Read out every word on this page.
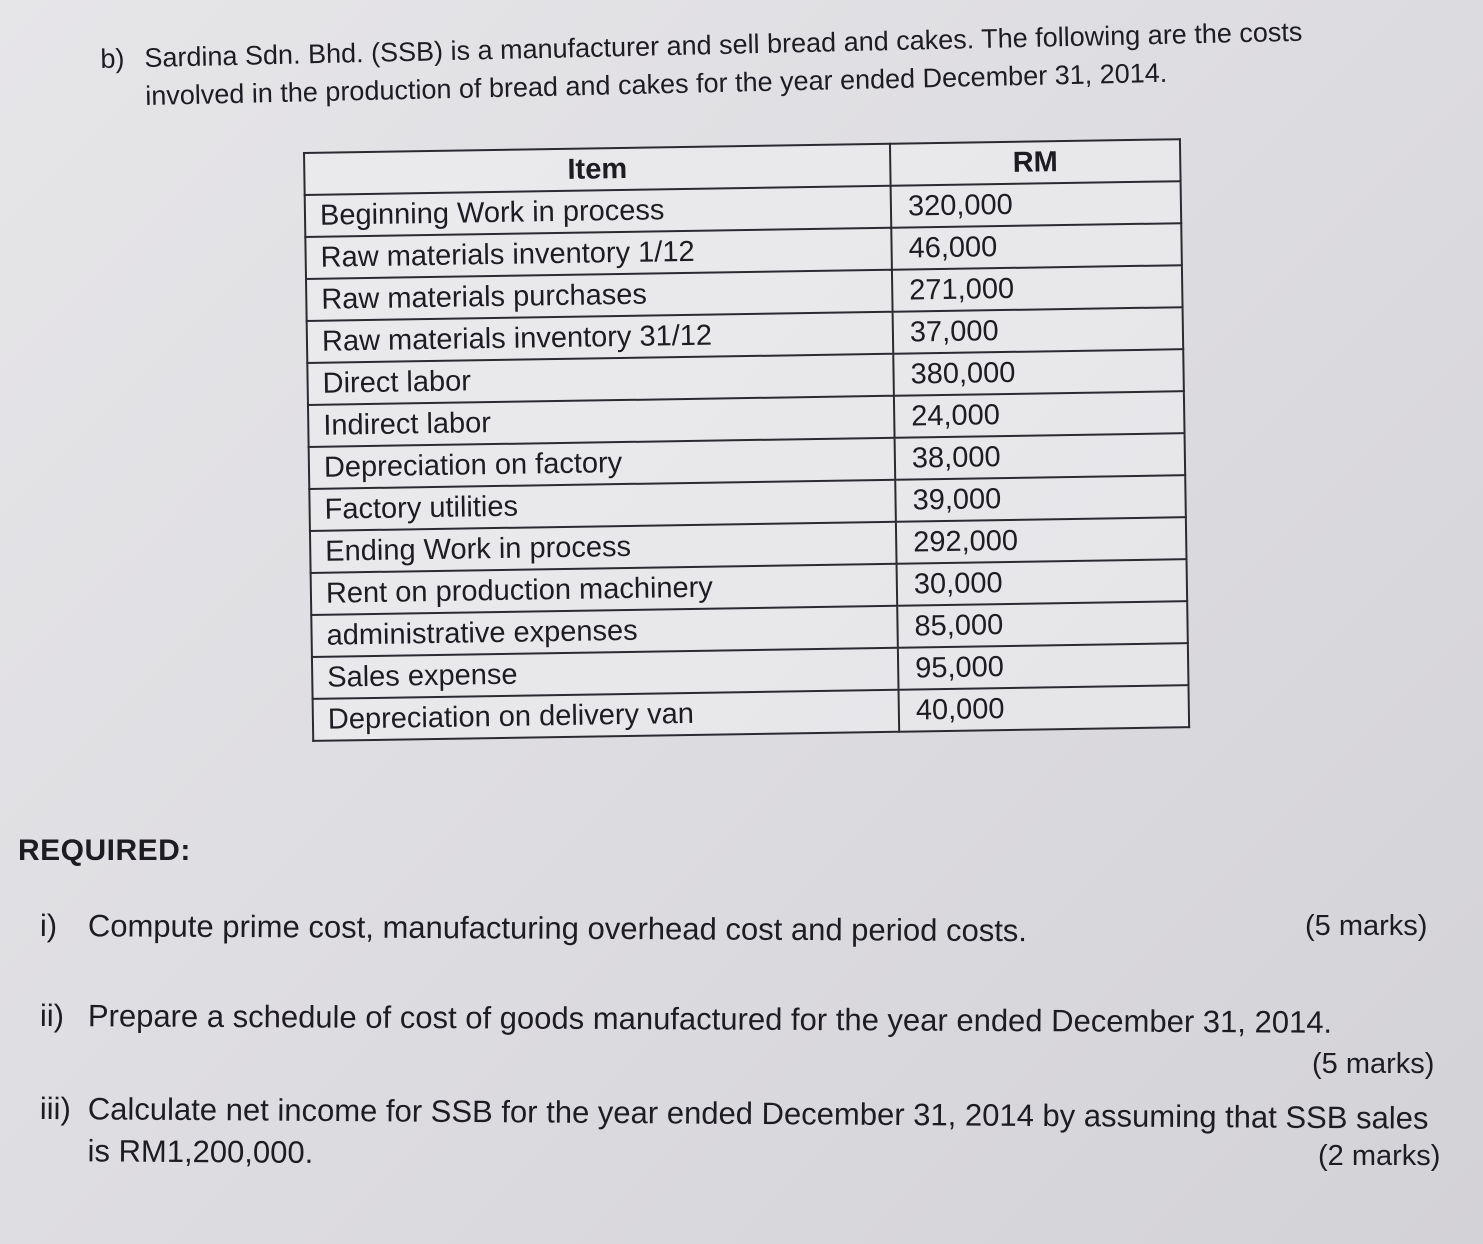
b) Sardina Sdn. Bhd. (SSB) is a manufacturer and sell bread and cakes. The following are the costs
involved in the production of bread and cakes for the year ended December 31, 2014.
Item	RM
Beginning Work in process	320,000
Raw materials inventory 1/12	46,000
Raw materials purchases	271,000
Raw materials inventory 31/12	37,000
Direct labor	380,000
Indirect labor	24,000
Depreciation on factory	38,000
Factory utilities	39,000
Ending Work in process	292,000
Rent on production machinery	30,000
administrative expenses	85,000
Sales expense	95,000
Depreciation on delivery van	40,000
REQUIRED:
i) Compute prime cost, manufacturing overhead cost and period costs.	(5 marks)
ii) Prepare a schedule of cost of goods manufactured for the year ended December 31, 2014.
(5 marks)
iii) Calculate net income for SSB for the year ended December 31, 2014 by assuming that SSB sales
is RM1,200,000.	(2 marks)
